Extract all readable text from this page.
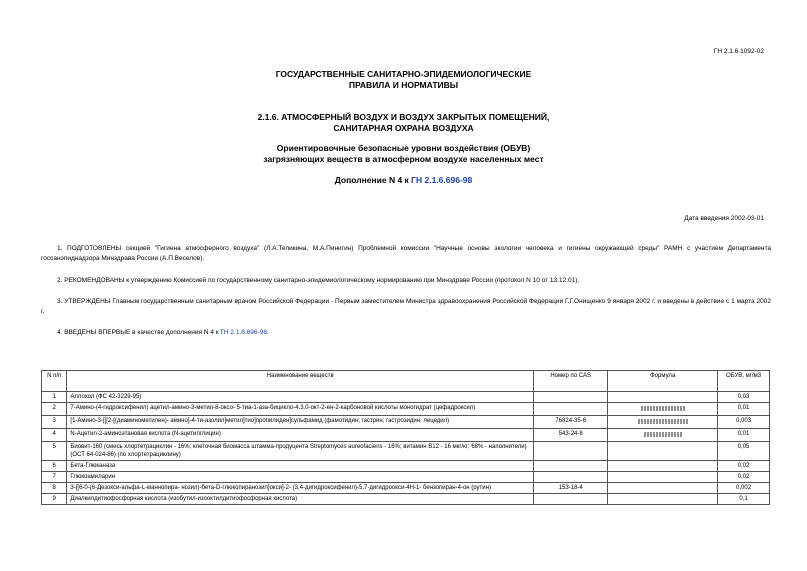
ГН 2.1.6.1092-02
ГОСУДАРСТВЕННЫЕ САНИТАРНО-ЭПИДЕМИОЛОГИЧЕСКИЕ
ПРАВИЛА И НОРМАТИВЫ
2.1.6. АТМОСФЕРНЫЙ ВОЗДУХ И ВОЗДУХ ЗАКРЫТЫХ ПОМЕЩЕНИЙ,
САНИТАРНАЯ ОХРАНА ВОЗДУХА
Ориентировочные безопасные уровни воздействия (ОБУВ)
загрязняющих веществ в атмосферном воздухе населенных мест
Дополнение N 4 к ГН 2.1.6.696-98
Дата введения 2002-03-01
1. ПОДГОТОВЛЕНЫ секцией "Гигиена атмосферного воздуха" (Л.А.Тепикина, М.А.Пинигин) Проблемной комиссии "Научные основы экологии человека и гигиены окружающей среды" РАМН с участием Департамента госсанэпиднадзора Минздрава России (А.П.Веселов).
2. РЕКОМЕНДОВАНЫ к утверждению Комиссией по государственному санитарно-эпидемиологическому нормированию при Минздраве России (протокол N 10 от 13.12.01).
3. УТВЕРЖДЕНЫ Главным государственным санитарным врачом Российской Федерации - Первым заместителем Министра здравоохранения Российской Федерации Г.Г.Онищенко 9 января 2002 г. и введены в действие с 1 марта 2002 г.
4. ВВЕДЕНЫ ВПЕРВЫЕ в качестве дополнения N 4 к ГН 2.1.6.696-98.
N п/п	Наименование веществ	Номер по CAS	Формула	ОБУВ, мг/м3
1	Аллохол (ФС 42-3229-95)			0,03
2	7-Амино-(4-гидроксифенил) ацетил-амино-3-метил-8-оксо- 5-тиа-1-аза-бицикло-4.3.0-окт-2-ен-2-карбоновой кислоты моногидрат (цефадроксил)			0,01
3	[1-Амино-3-[[[2-[(диаминометилен)- амино]-4-ти-азолил]метил]тио]пропилиден]сульфамид (фамотидин; гастрин; гастрозидин; лецедил)	76824-35-6		0,003
4	N-Ацетил-2-аминоэтановая кислота (N-ацетилглицин)	543-24-8		0,01
5	Биовит-160 (смесь хлортетрациклин - 16%; клеточная биомасса штамма-продуцента Streptomyces aureofaciens - 16%; витамин B12 - 16 мкг/кг; 68% - наполнители) (ОСТ 64-024-86) (по хлортетрациклину)			0,05
6	Бета-Глюканаза			0,02
7	Глюкоамиларин			0,02
8	3-[[6-0-(6-Дезокси-альфа-L-маннопира- нозил)-бета-D-глюкопиранозил]окси]-2- (3,4-дигидроксифенил)-5,7-дигидроокси-4Н-1- бензопиран-4-он (рутин)	153-18-4		0,002
9	Диалкилдитиофосфорная кислота (изобутил-изооктилдитиофосфорная кислота)			0,1
